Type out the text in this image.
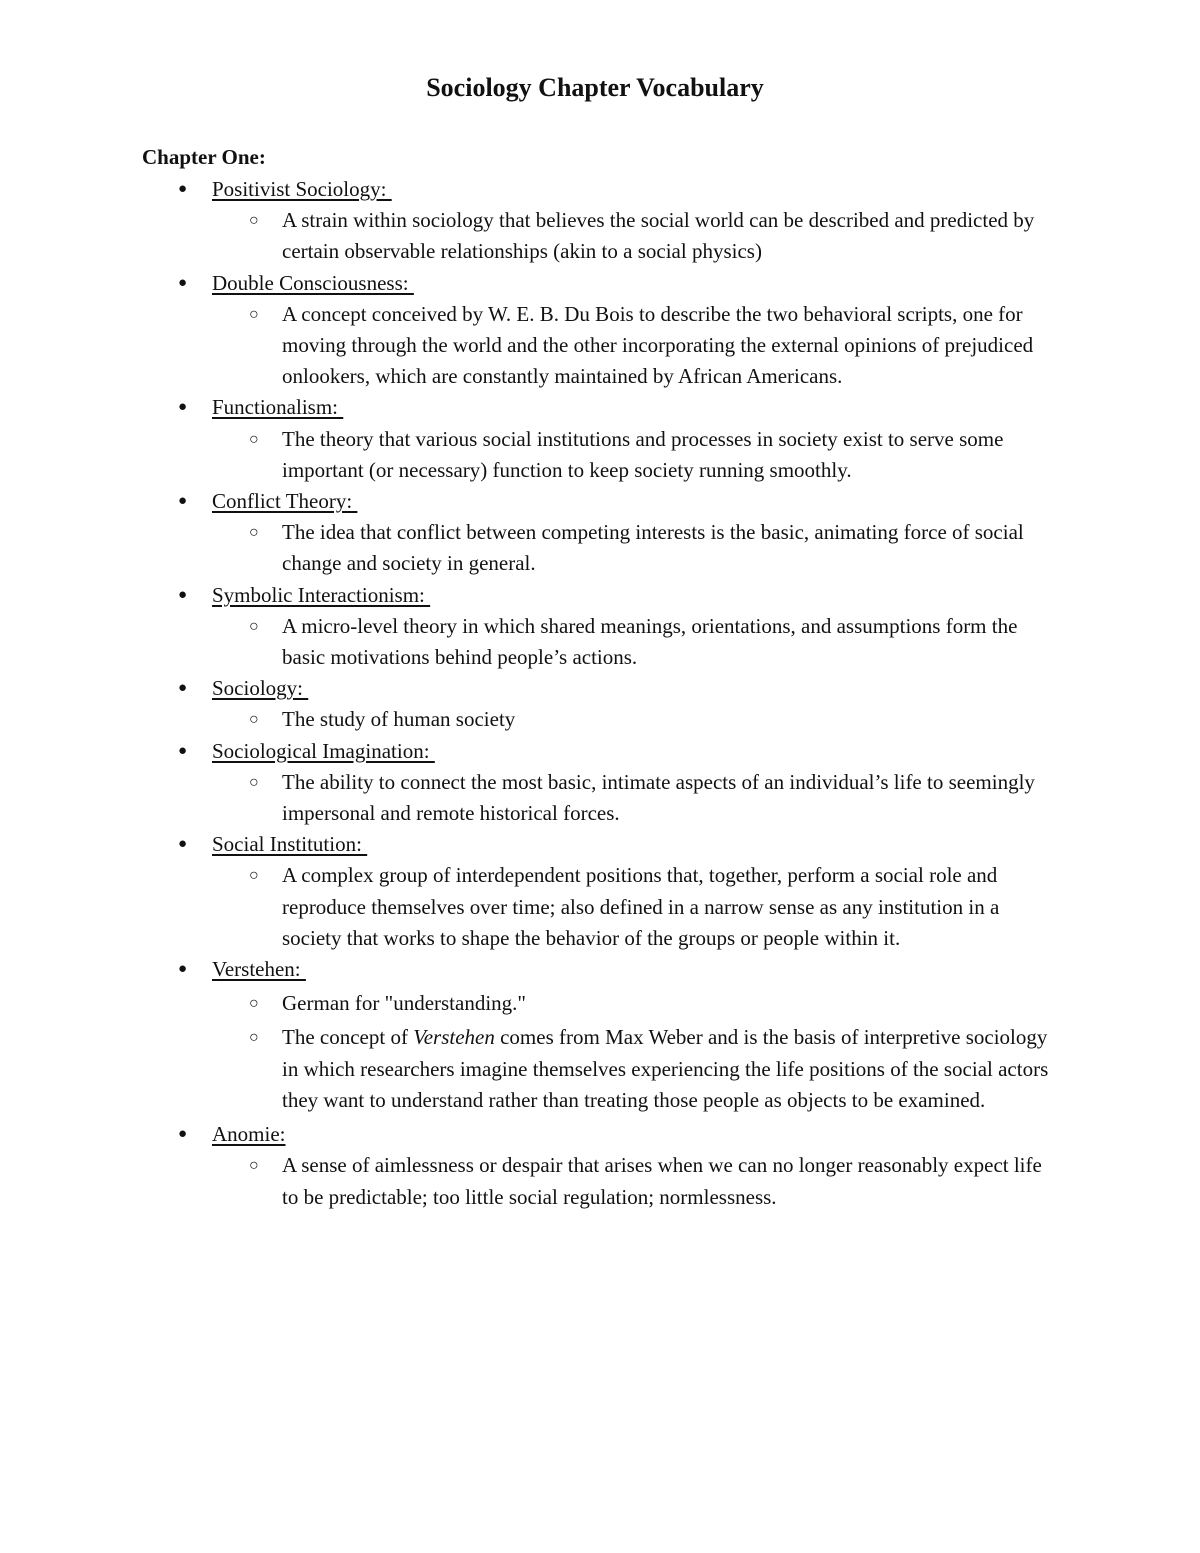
Sociology Chapter Vocabulary
Chapter One:
● Positivist Sociology:
○ A strain within sociology that believes the social world can be described and predicted by certain observable relationships (akin to a social physics)
● Double Consciousness:
○ A concept conceived by W. E. B. Du Bois to describe the two behavioral scripts, one for moving through the world and the other incorporating the external opinions of prejudiced onlookers, which are constantly maintained by African Americans.
● Functionalism:
○ The theory that various social institutions and processes in society exist to serve some important (or necessary) function to keep society running smoothly.
● Conflict Theory:
○ The idea that conflict between competing interests is the basic, animating force of social change and society in general.
● Symbolic Interactionism:
○ A micro-level theory in which shared meanings, orientations, and assumptions form the basic motivations behind people’s actions.
● Sociology:
○ The study of human society
● Sociological Imagination:
○ The ability to connect the most basic, intimate aspects of an individual’s life to seemingly impersonal and remote historical forces.
● Social Institution:
○ A complex group of interdependent positions that, together, perform a social role and reproduce themselves over time; also defined in a narrow sense as any institution in a society that works to shape the behavior of the groups or people within it.
● Verstehen:
○ German for "understanding."
○ The concept of Verstehen comes from Max Weber and is the basis of interpretive sociology in which researchers imagine themselves experiencing the life positions of the social actors they want to understand rather than treating those people as objects to be examined.
● Anomie:
○ A sense of aimlessness or despair that arises when we can no longer reasonably expect life to be predictable; too little social regulation; normlessness.
